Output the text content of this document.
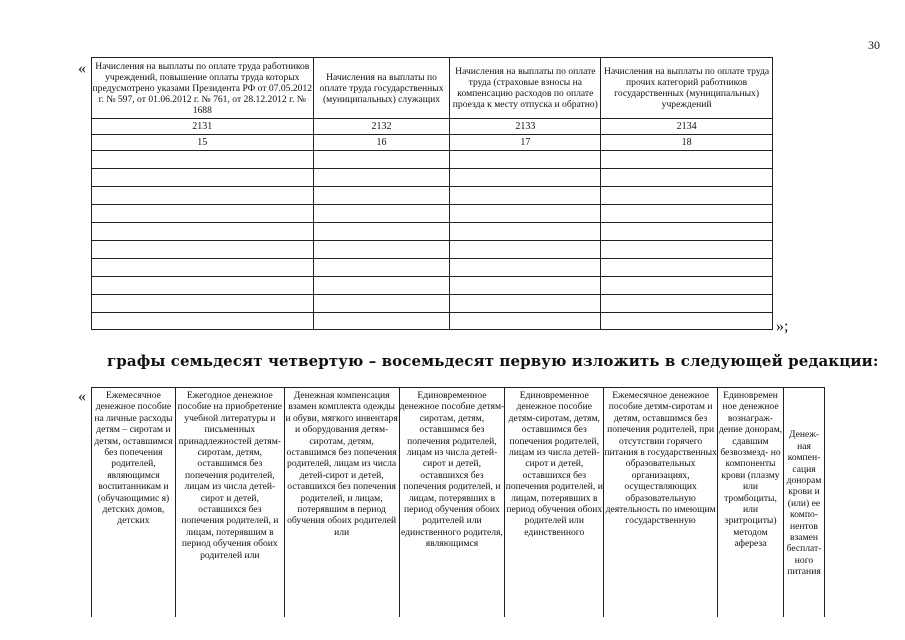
30
« Начисления на выплаты по оплате труда работников учреждений, повышение оплаты труда которых предусмотрено указами Президента РФ от 07.05.2012 г. № 597, от 01.06.2012 г. № 761, от 28.12.2012 г. № 1688	Начисления на выплаты по оплате труда государственных (муниципальных) служащих	Начисления на выплаты по оплате труда (страховые взносы на компенсацию расходов по оплате проезда к месту отпуска и обратно)	Начисления на выплаты по оплате труда прочих категорий работников государственных (муниципальных) учреждений
2131	2132	2133	2134
15	16	17	18

»;
графы семьдесят четвертую – восемьдесят первую изложить в следующей редакции:
« Ежемесячное денежное пособие на личные расходы детям – сиротам и детям, оставшимся без попечения родителей, являющимся воспитанникам и (обучающимис я) детских домов, детских	Ежегодное денежное пособие на приобретение учебной литературы и письменных принадлежностей детям-сиротам, детям, оставшимся без попечения родителей, лицам из числа детей-сирот и детей, оставшихся без попечения родителей, и лицам, потерявшим в период обучения обоих родителей или	Денежная компенсация взамен комплекта одежды и обуви, мягкого инвентаря и оборудования детям-сиротам, детям, оставшимся без попечения родителей, лицам из числа детей-сирот и детей, оставшихся без попечения родителей, и лицам, потерявшим в период обучения обоих родителей или	Единовременное денежное пособие детям-сиротам, детям, оставшимся без попечения родителей, лицам из числа детей-сирот и детей, оставшихся без попечения родителей, и лицам, потерявших в период обучения обоих родителей или единственного родителя, являющимся	Единовременное денежное пособие детям-сиротам, детям, оставшимся без попечения родителей, лицам из числа детей-сирот и детей, оставшихся без попечения родителей, и лицам, потерявших в период обучения обоих родителей или единственного	Ежемесячное денежное пособие детям-сиротам и детям, оставшимся без попечения родителей, при отсутствии горячего питания в государственных образовательных организациях, осуществляющих образовательную деятельность по имеющим государственную	Единовремен ное денежное вознаграж- дение донорам, сдавшим безвозмезд- но компоненты крови (плазму или тромбоциты, или эритроциты) методом афереза	Денеж- ная компен- сация донорам крови и (или) ее компо- нентов взамен бесплат- ного питания
